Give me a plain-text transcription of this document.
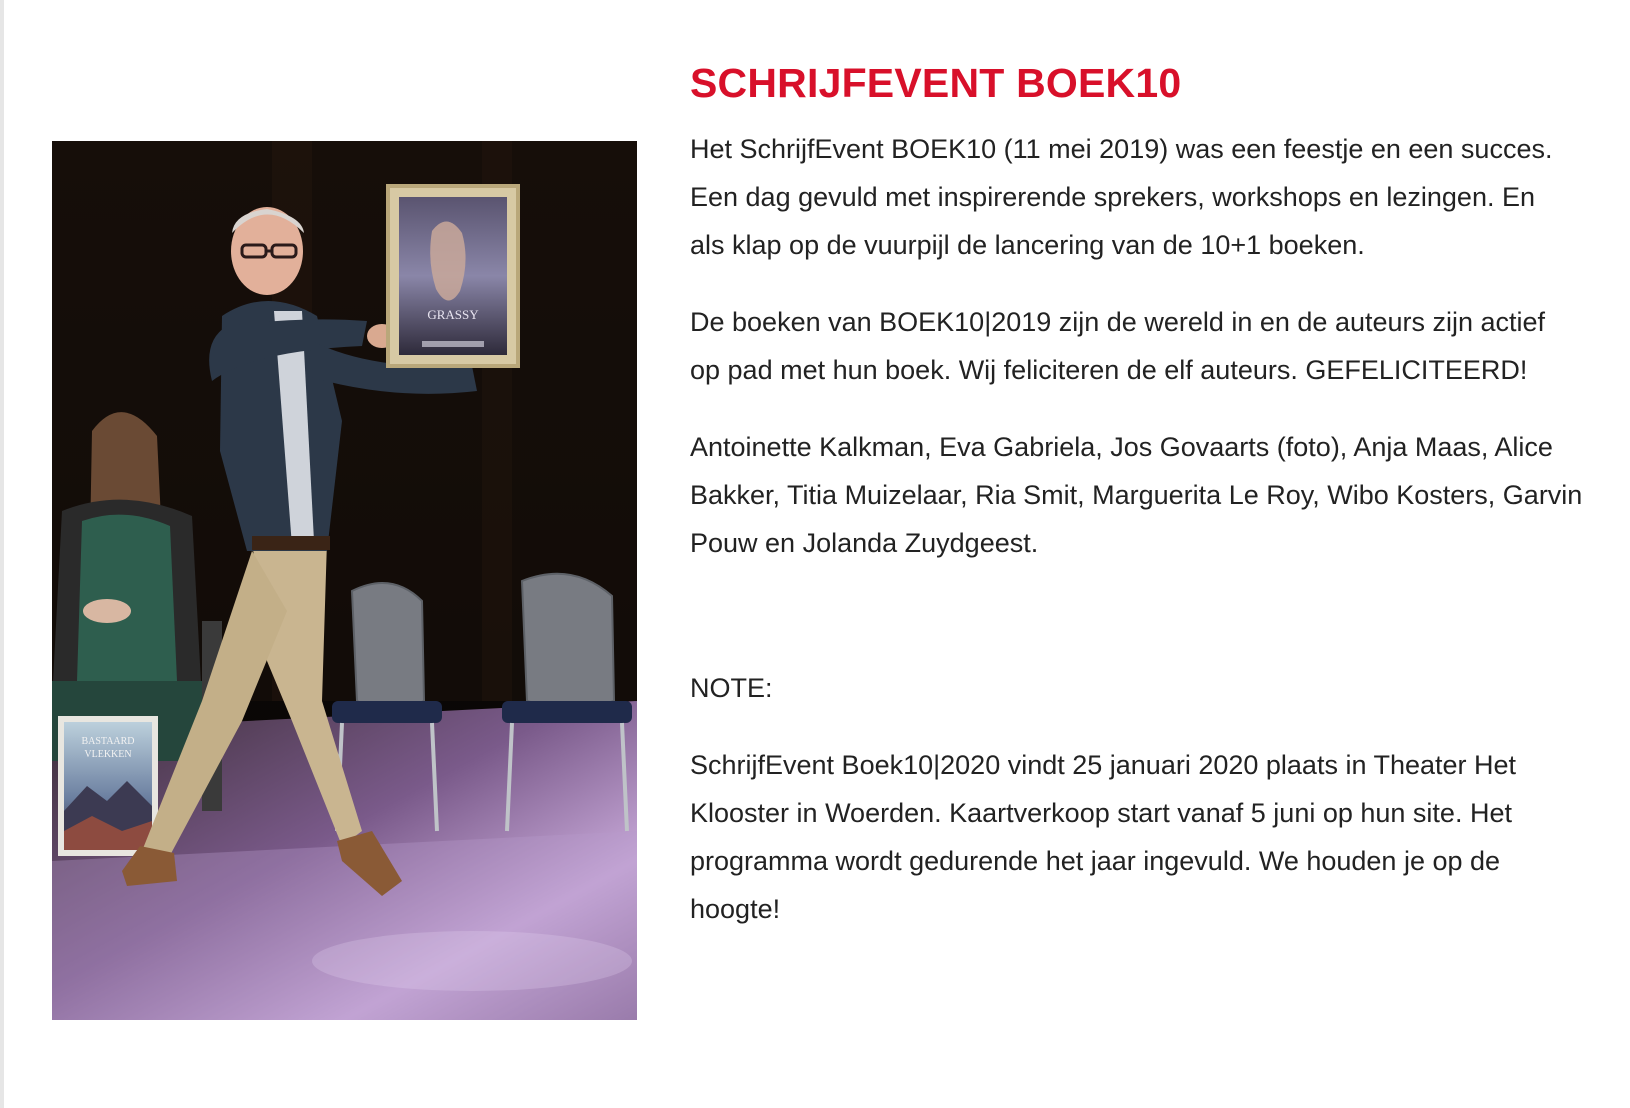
BASTAARD
VLEKKEN
GRASSY
SCHRIJFEVENT BOEK10

Het SchrijfEvent BOEK10 (11 mei 2019) was een feestje en een succes. Een dag gevuld met inspirerende sprekers, workshops en lezingen. En als klap op de vuurpijl de lancering van de 10+1 boeken.

De boeken van BOEK10|2019 zijn de wereld in en de auteurs zijn actief op pad met hun boek. Wij feliciteren de elf auteurs. GEFELICITEERD!

Antoinette Kalkman, Eva Gabriela, Jos Govaarts (foto), Anja Maas, Alice Bakker, Titia Muizelaar, Ria Smit, Marguerita Le Roy, Wibo Kosters, Garvin Pouw en Jolanda Zuydgeest.

NOTE:

SchrijfEvent Boek10|2020 vindt 25 januari 2020 plaats in Theater Het Klooster in Woerden. Kaartverkoop start vanaf 5 juni op hun site. Het programma wordt gedurende het jaar ingevuld. We houden je op de hoogte!
